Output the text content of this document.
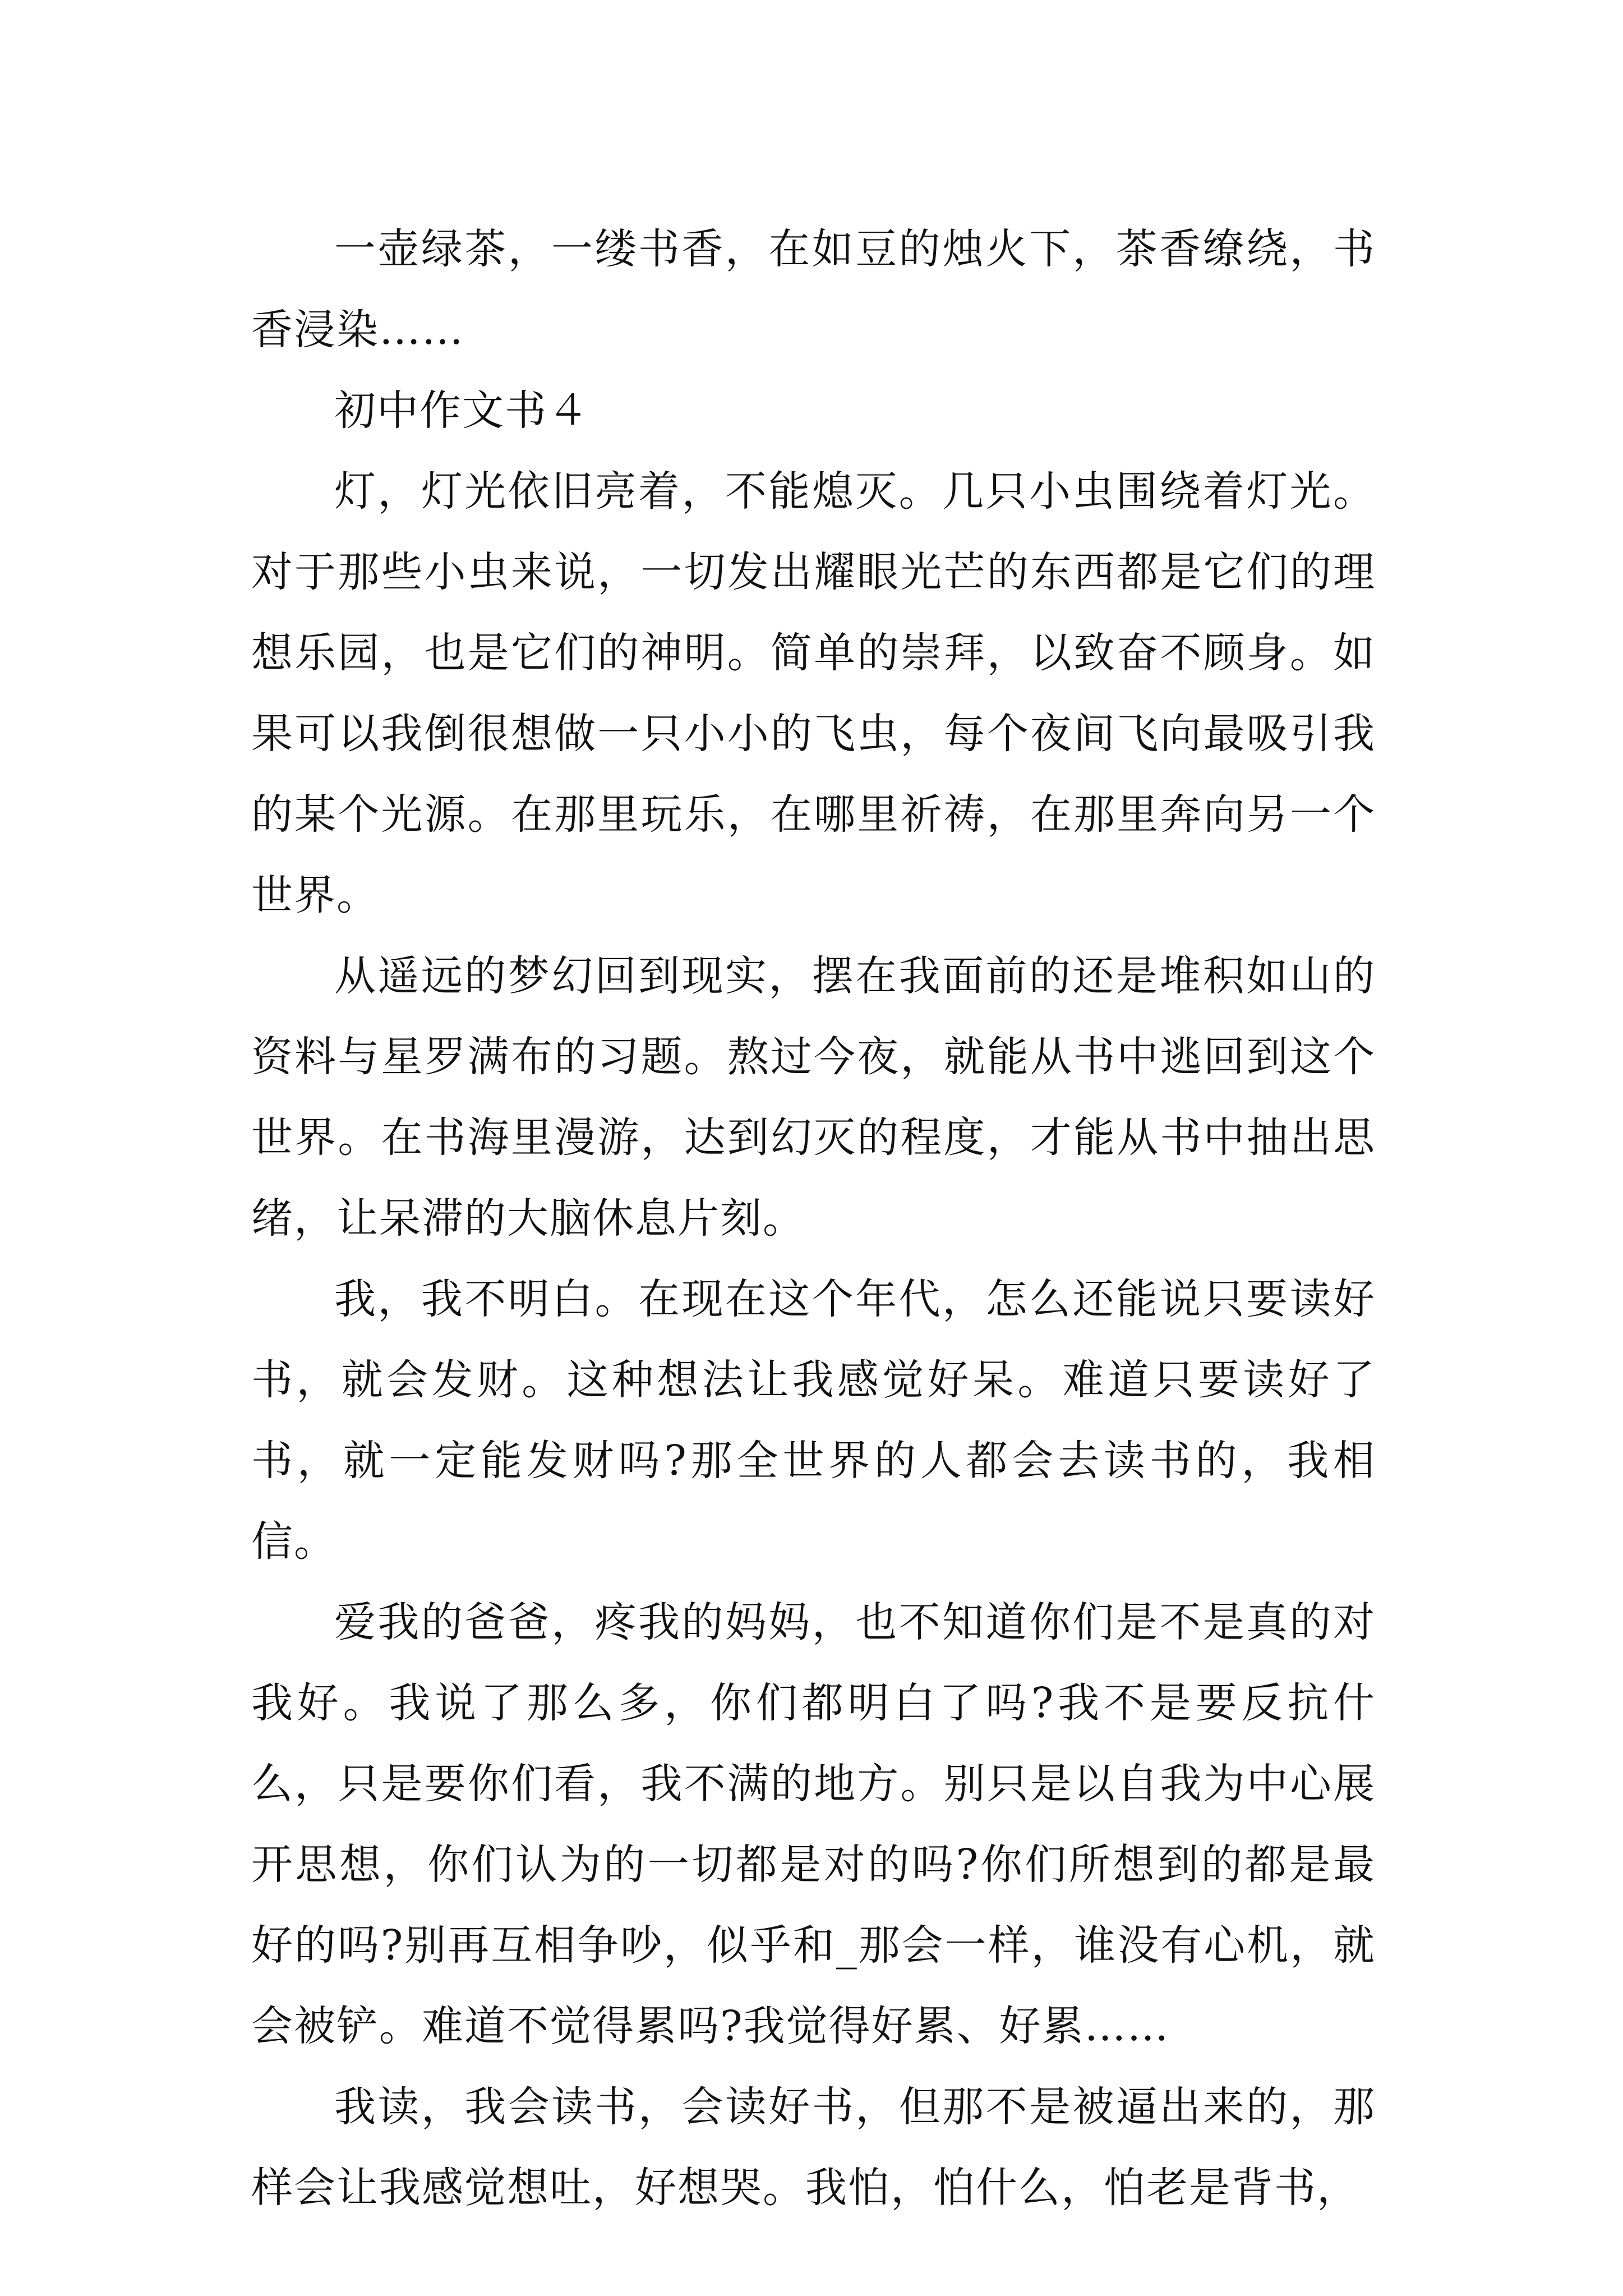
一壶绿茶，一缕书香，在如豆的烛火下，茶香缭绕，书香浸染……

初中作文书４

灯，灯光依旧亮着，不能熄灭。几只小虫围绕着灯光。对于那些小虫来说，一切发出耀眼光芒的东西都是它们的理想乐园，也是它们的神明。简单的崇拜，以致奋不顾身。如果可以我倒很想做一只小小的飞虫，每个夜间飞向最吸引我的某个光源。在那里玩乐，在哪里祈祷，在那里奔向另一个世界。

从遥远的梦幻回到现实，摆在我面前的还是堆积如山的资料与星罗满布的习题。熬过今夜，就能从书中逃回到这个世界。在书海里漫游，达到幻灭的程度，才能从书中抽出思绪，让呆滞的大脑休息片刻。

我，我不明白。在现在这个年代，怎么还能说只要读好书，就会发财。这种想法让我感觉好呆。难道只要读好了书，就一定能发财吗?那全世界的人都会去读书的，我相信。

爱我的爸爸，疼我的妈妈，也不知道你们是不是真的对我好。我说了那么多，你们都明白了吗?我不是要反抗什么，只是要你们看，我不满的地方。别只是以自我为中心展开思想，你们认为的一切都是对的吗?你们所想到的都是最好的吗?别再互相争吵，似乎和_那会一样，谁没有心机，就会被铲。难道不觉得累吗?我觉得好累、好累……

我读，我会读书，会读好书，但那不是被逼出来的，那样会让我感觉想吐，好想哭。我怕，怕什么，怕老是背书，
